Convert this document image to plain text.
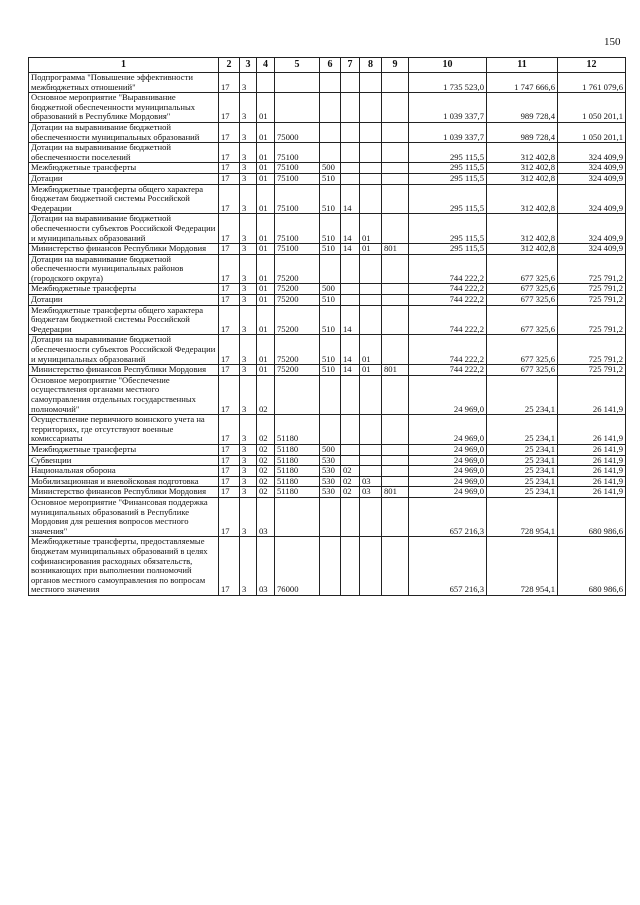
150
1	2	3	4	5	6	7	8	9	10	11	12
Подпрограмма "Повышение эффективности межбюджетных отношений"	17	3							1 735 523,0	1 747 666,6	1 761 079,6
Основное мероприятие "Выравнивание бюджетной обеспеченности муниципальных образований в Республике Мордовия"	17	3	01						1 039 337,7	989 728,4	1 050 201,1
Дотации на выравнивание бюджетной обеспеченности муниципальных образований	17	3	01	75000					1 039 337,7	989 728,4	1 050 201,1
Дотации на выравнивание бюджетной обеспеченности поселений	17	3	01	75100					295 115,5	312 402,8	324 409,9
Межбюджетные трансферты	17	3	01	75100	500				295 115,5	312 402,8	324 409,9
Дотации	17	3	01	75100	510				295 115,5	312 402,8	324 409,9
Межбюджетные трансферты общего характера бюджетам бюджетной системы Российской Федерации	17	3	01	75100	510	14			295 115,5	312 402,8	324 409,9
Дотации на выравнивание бюджетной обеспеченности субъектов Российской Федерации и муниципальных образований	17	3	01	75100	510	14	01		295 115,5	312 402,8	324 409,9
Министерство финансов Республики Мордовия	17	3	01	75100	510	14	01	801	295 115,5	312 402,8	324 409,9
Дотации на выравнивание бюджетной обеспеченности муниципальных районов (городского округа)	17	3	01	75200					744 222,2	677 325,6	725 791,2
Межбюджетные трансферты	17	3	01	75200	500				744 222,2	677 325,6	725 791,2
Дотации	17	3	01	75200	510				744 222,2	677 325,6	725 791,2
Межбюджетные трансферты общего характера бюджетам бюджетной системы Российской Федерации	17	3	01	75200	510	14			744 222,2	677 325,6	725 791,2
Дотации на выравнивание бюджетной обеспеченности субъектов Российской Федерации и муниципальных образований	17	3	01	75200	510	14	01		744 222,2	677 325,6	725 791,2
Министерство финансов Республики Мордовия	17	3	01	75200	510	14	01	801	744 222,2	677 325,6	725 791,2
Основное мероприятие "Обеспечение осуществления органами местного самоуправления отдельных государственных полномочий"	17	3	02						24 969,0	25 234,1	26 141,9
Осуществление первичного воинского учета на территориях, где отсутствуют военные комиссариаты	17	3	02	51180					24 969,0	25 234,1	26 141,9
Межбюджетные трансферты	17	3	02	51180	500				24 969,0	25 234,1	26 141,9
Субвенции	17	3	02	51180	530				24 969,0	25 234,1	26 141,9
Национальная оборона	17	3	02	51180	530	02			24 969,0	25 234,1	26 141,9
Мобилизационная и вневойсковая подготовка	17	3	02	51180	530	02	03		24 969,0	25 234,1	26 141,9
Министерство финансов Республики Мордовия	17	3	02	51180	530	02	03	801	24 969,0	25 234,1	26 141,9
Основное мероприятие "Финансовая поддержка муниципальных образований в Республике Мордовия для решения вопросов местного значения"	17	3	03						657 216,3	728 954,1	680 986,6
Межбюджетные трансферты, предоставляемые бюджетам муниципальных образований в целях софинансирования расходных обязательств, возникающих при выполнении полномочий органов местного самоуправления по вопросам местного значения	17	3	03	76000					657 216,3	728 954,1	680 986,6
